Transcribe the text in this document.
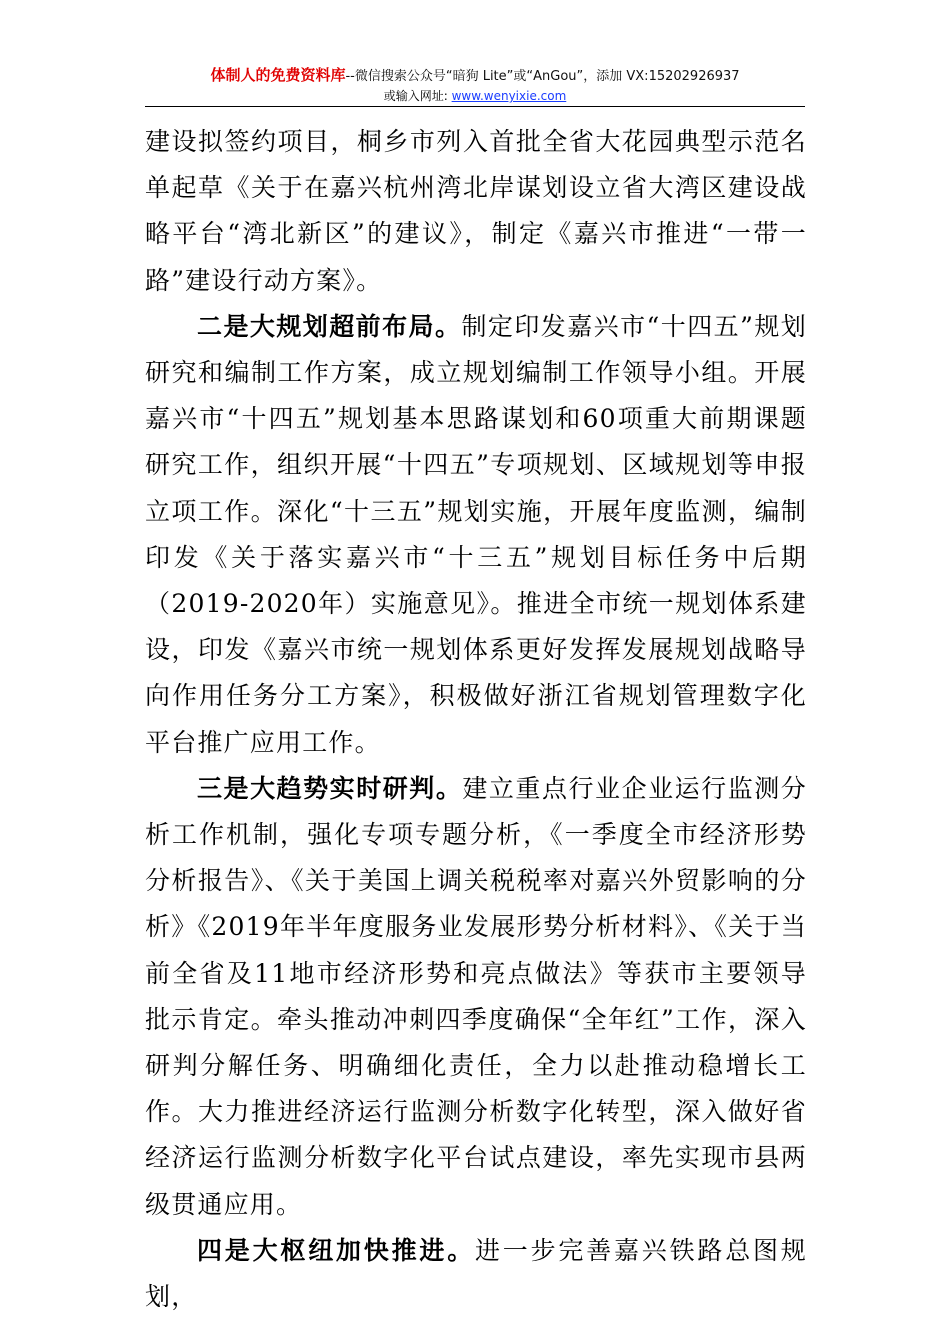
体制人的免费资料库--微信搜索公众号“暗狗 Lite”或“AnGou”，添加 VX:15202926937
或输入网址: www.wenyixie.com

建设拟签约项目，桐乡市列入首批全省大花园典型示范名单起草《关于在嘉兴杭州湾北岸谋划设立省大湾区建设战略平台“湾北新区”的建议》，制定《嘉兴市推进“一带一路”建设行动方案》。

二是大规划超前布局。制定印发嘉兴市“十四五”规划研究和编制工作方案，成立规划编制工作领导小组。开展嘉兴市“十四五”规划基本思路谋划和60项重大前期课题研究工作，组织开展“十四五”专项规划、区域规划等申报立项工作。深化“十三五”规划实施，开展年度监测，编制印发《关于落实嘉兴市“十三五”规划目标任务中后期（2019-2020年）实施意见》。推进全市统一规划体系建设，印发《嘉兴市统一规划体系更好发挥发展规划战略导向作用任务分工方案》，积极做好浙江省规划管理数字化平台推广应用工作。

三是大趋势实时研判。建立重点行业企业运行监测分析工作机制，强化专项专题分析，《一季度全市经济形势分析报告》、《关于美国上调关税税率对嘉兴外贸影响的分析》《2019年半年度服务业发展形势分析材料》、《关于当前全省及11地市经济形势和亮点做法》等获市主要领导批示肯定。牵头推动冲刺四季度确保“全年红”工作，深入研判分解任务、明确细化责任，全力以赴推动稳增长工作。大力推进经济运行监测分析数字化转型，深入做好省经济运行监测分析数字化平台试点建设，率先实现市县两级贯通应用。

四是大枢纽加快推进。进一步完善嘉兴铁路总图规划，
